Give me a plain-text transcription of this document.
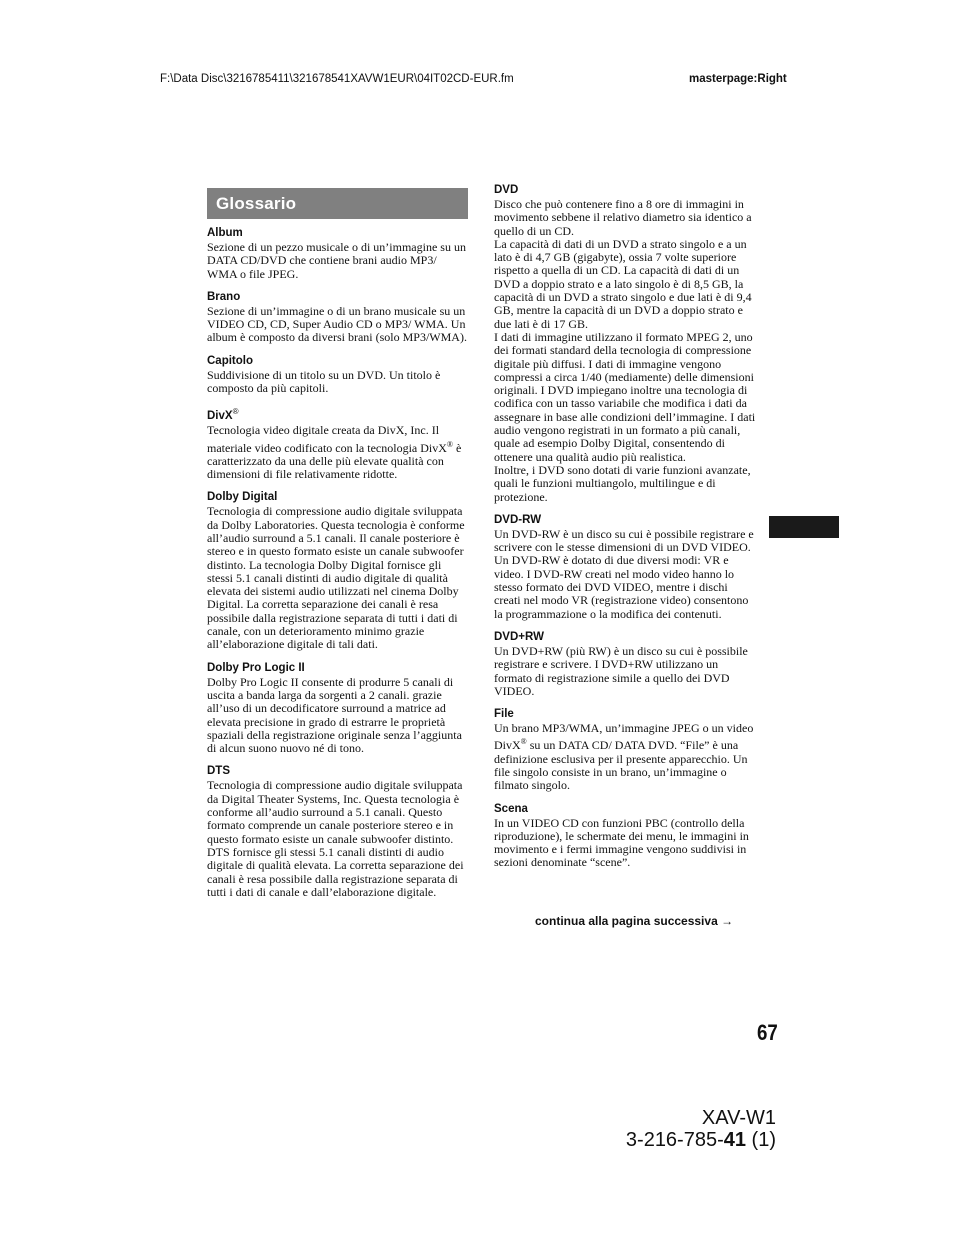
F:\Data Disc\3216785411\321678541XAVW1EUR\04IT02CD-EUR.fm	masterpage:Right
Glossario
Album

Sezione di un pezzo musicale o di un’immagine su un DATA CD/DVD che contiene brani audio MP3/ WMA o file JPEG.

Brano

Sezione di un’immagine o di un brano musicale su un VIDEO CD, CD, Super Audio CD o MP3/ WMA. Un album è composto da diversi brani (solo MP3/WMA).

Capitolo

Suddivisione di un titolo su un DVD. Un titolo è composto da più capitoli.

DivX®

Tecnologia video digitale creata da DivX, Inc. Il materiale video codificato con la tecnologia DivX® è caratterizzato da una delle più elevate qualità con dimensioni di file relativamente ridotte.

Dolby Digital

Tecnologia di compressione audio digitale sviluppata da Dolby Laboratories. Questa tecnologia è conforme all’audio surround a 5.1 canali. Il canale posteriore è stereo e in questo formato esiste un canale subwoofer distinto. La tecnologia Dolby Digital fornisce gli stessi 5.1 canali distinti di audio digitale di qualità elevata dei sistemi audio utilizzati nel cinema Dolby Digital. La corretta separazione dei canali è resa possibile dalla registrazione separata di tutti i dati di canale, con un deterioramento minimo grazie all’elaborazione digitale di tali dati.

Dolby Pro Logic II

Dolby Pro Logic II consente di produrre 5 canali di uscita a banda larga da sorgenti a 2 canali. grazie all’uso di un decodificatore surround a matrice ad elevata precisione in grado di estrarre le proprietà spaziali della registrazione originale senza l’aggiunta di alcun suono nuovo né di tono.

DTS

Tecnologia di compressione audio digitale sviluppata da Digital Theater Systems, Inc. Questa tecnologia è conforme all’audio surround a 5.1 canali. Questo formato comprende un canale posteriore stereo e in questo formato esiste un canale subwoofer distinto. DTS fornisce gli stessi 5.1 canali distinti di audio digitale di qualità elevata. La corretta separazione dei canali è resa possibile dalla registrazione separata di tutti i dati di canale e dall’elaborazione digitale.

DVD

Disco che può contenere fino a 8 ore di immagini in movimento sebbene il relativo diametro sia identico a quello di un CD.
La capacità di dati di un DVD a strato singolo e a un lato è di 4,7 GB (gigabyte), ossia 7 volte superiore rispetto a quella di un CD. La capacità di dati di un DVD a doppio strato e a lato singolo è di 8,5 GB, la capacità di un DVD a strato singolo e due lati è di 9,4 GB, mentre la capacità di un DVD a doppio strato e due lati è di 17 GB.
I dati di immagine utilizzano il formato MPEG 2, uno dei formati standard della tecnologia di compressione digitale più diffusi. I dati di immagine vengono compressi a circa 1/40 (mediamente) delle dimensioni originali. I DVD impiegano inoltre una tecnologia di codifica con un tasso variabile che modifica i dati da assegnare in base alle condizioni dell’immagine. I dati audio vengono registrati in un formato a più canali, quale ad esempio Dolby Digital, consentendo di ottenere una qualità audio più realistica.
Inoltre, i DVD sono dotati di varie funzioni avanzate, quali le funzioni multiangolo, multilingue e di protezione.

DVD-RW

Un DVD-RW è un disco su cui è possibile registrare e scrivere con le stesse dimensioni di un DVD VIDEO. Un DVD-RW è dotato di due diversi modi: VR e video. I DVD-RW creati nel modo video hanno lo stesso formato dei DVD VIDEO, mentre i dischi creati nel modo VR (registrazione video) consentono la programmazione o la modifica dei contenuti.

DVD+RW

Un DVD+RW (più RW) è un disco su cui è possibile registrare e scrivere. I DVD+RW utilizzano un formato di registrazione simile a quello dei DVD VIDEO.

File

Un brano MP3/WMA, un’immagine JPEG o un video DivX® su un DATA CD/ DATA DVD. “File” è una definizione esclusiva per il presente apparecchio. Un file singolo consiste in un brano, un’immagine o filmato singolo.

Scena

In un VIDEO CD con funzioni PBC (controllo della riproduzione), le schermate dei menu, le immagini in movimento e i fermi immagine vengono suddivisi in sezioni denominate “scene”.

continua alla pagina successiva →
67
XAV-W1
3-216-785-41 (1)
